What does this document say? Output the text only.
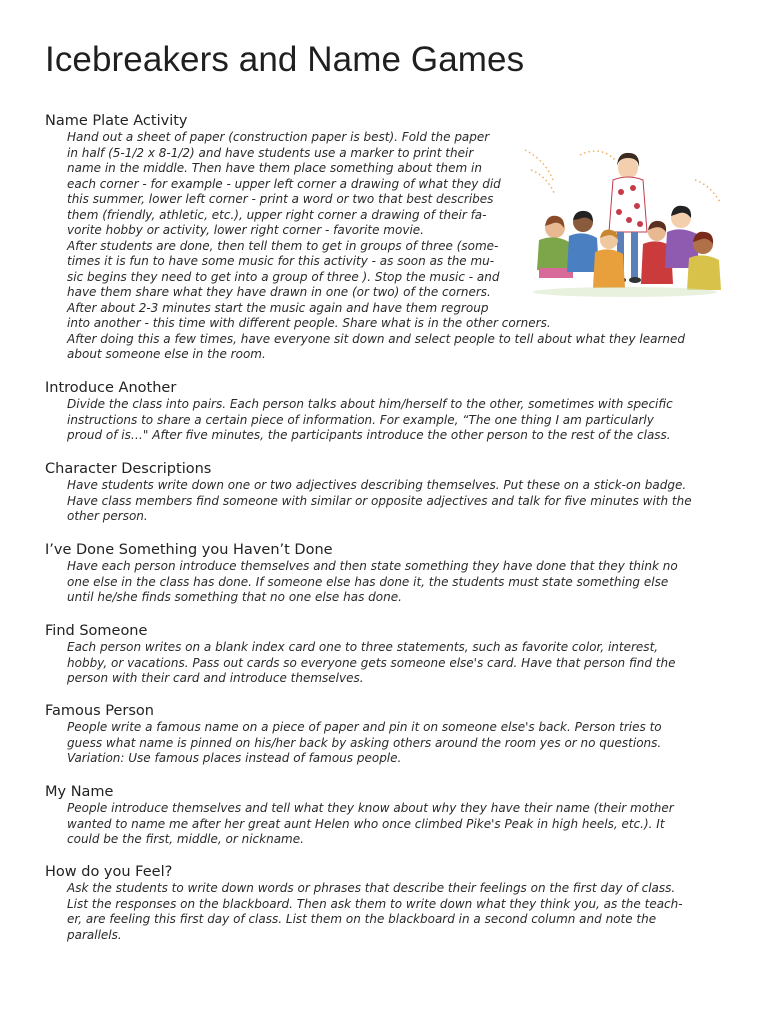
Icebreakers and Name Games
Name Plate Activity
Hand out a sheet of paper (construction paper is best). Fold the paper
in half (5-1/2 x 8-1/2) and have students use a marker to print their
name in the middle. Then have them place something about them in
each corner - for example - upper left corner a drawing of what they did
this summer, lower left corner - print a word or two that best describes
them (friendly, athletic, etc.), upper right corner a drawing of their fa-
vorite hobby or activity, lower right corner - favorite movie.
After students are done, then tell them to get in groups of three (some-
times it is fun to have some music for this activity - as soon as the mu-
sic begins they need to get into a group of three ). Stop the music - and
have them share what they have drawn in one (or two) of the corners.
After about 2-3 minutes start the music again and have them regroup
into another - this time with different people. Share what is in the other corners.
After doing this a few times, have everyone sit down and select people to tell about what they learned
about someone else in the room.
Introduce Another
Divide the class into pairs. Each person talks about him/herself to the other, sometimes with specific
instructions to share a certain piece of information. For example, “The one thing I am particularly
proud of is…" After five minutes, the participants introduce the other person to the rest of the class.
Character Descriptions
Have students write down one or two adjectives describing themselves. Put these on a stick-on badge.
Have class members find someone with similar or opposite adjectives and talk for five minutes with the
other person.
I’ve Done Something you Haven’t Done
Have each person introduce themselves and then state something they have done that they think no
one else in the class has done. If someone else has done it, the students must state something else
until he/she finds something that no one else has done.
Find Someone
Each person writes on a blank index card one to three statements, such as favorite color, interest,
hobby, or vacations. Pass out cards so everyone gets someone else's card. Have that person find the
person with their card and introduce themselves.
Famous Person
People write a famous name on a piece of paper and pin it on someone else's back. Person tries to
guess what name is pinned on his/her back by asking others around the room yes or no questions.
Variation: Use famous places instead of famous people.
My Name
People introduce themselves and tell what they know about why they have their name (their mother
wanted to name me after her great aunt Helen who once climbed Pike's Peak in high heels, etc.). It
could be the first, middle, or nickname.
How do you Feel?
Ask the students to write down words or phrases that describe their feelings on the first day of class.
List the responses on the blackboard. Then ask them to write down what they think you, as the teach-
er, are feeling this first day of class. List them on the blackboard in a second column and note the
parallels.
